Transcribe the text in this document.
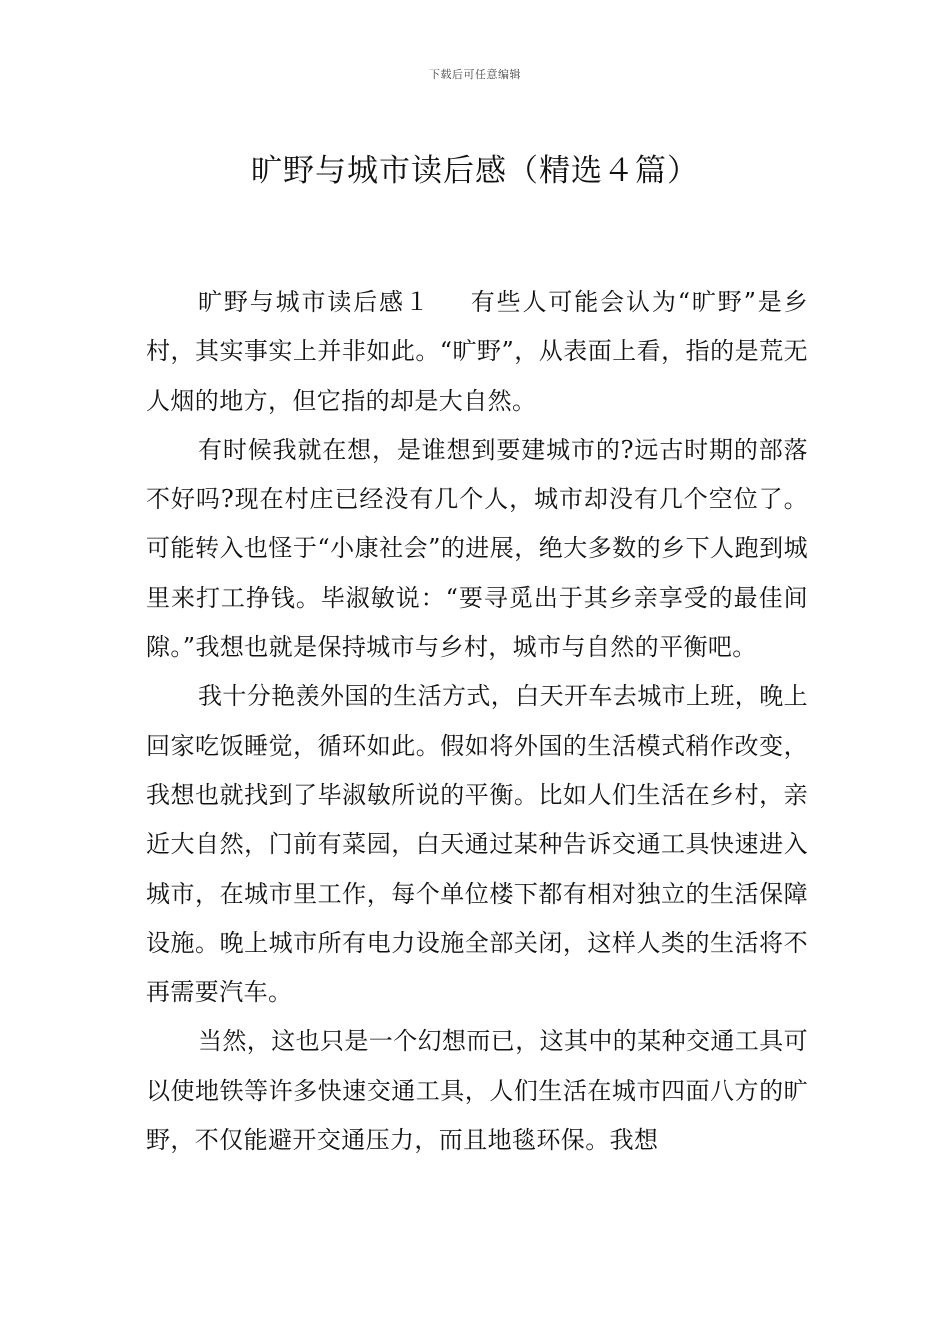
下载后可任意编辑
旷野与城市读后感（精选４篇）

旷野与城市读后感１ 有些人可能会认为“旷野”是乡村，其实事实上并非如此。“旷野”，从表面上看，指的是荒无人烟的地方，但它指的却是大自然。

有时候我就在想，是谁想到要建城市的?远古时期的部落不好吗?现在村庄已经没有几个人，城市却没有几个空位了。可能转入也怪于“小康社会”的进展，绝大多数的乡下人跑到城里来打工挣钱。毕淑敏说：“要寻觅出于其乡亲享受的最佳间隙。”我想也就是保持城市与乡村，城市与自然的平衡吧。

我十分艳羡外国的生活方式，白天开车去城市上班，晚上回家吃饭睡觉，循环如此。假如将外国的生活模式稍作改变，我想也就找到了毕淑敏所说的平衡。比如人们生活在乡村，亲近大自然，门前有菜园，白天通过某种告诉交通工具快速进入城市，在城市里工作，每个单位楼下都有相对独立的生活保障设施。晚上城市所有电力设施全部关闭，这样人类的生活将不再需要汽车。

当然，这也只是一个幻想而已，这其中的某种交通工具可以使地铁等许多快速交通工具，人们生活在城市四面八方的旷野，不仅能避开交通压力，而且地毯环保。我想
